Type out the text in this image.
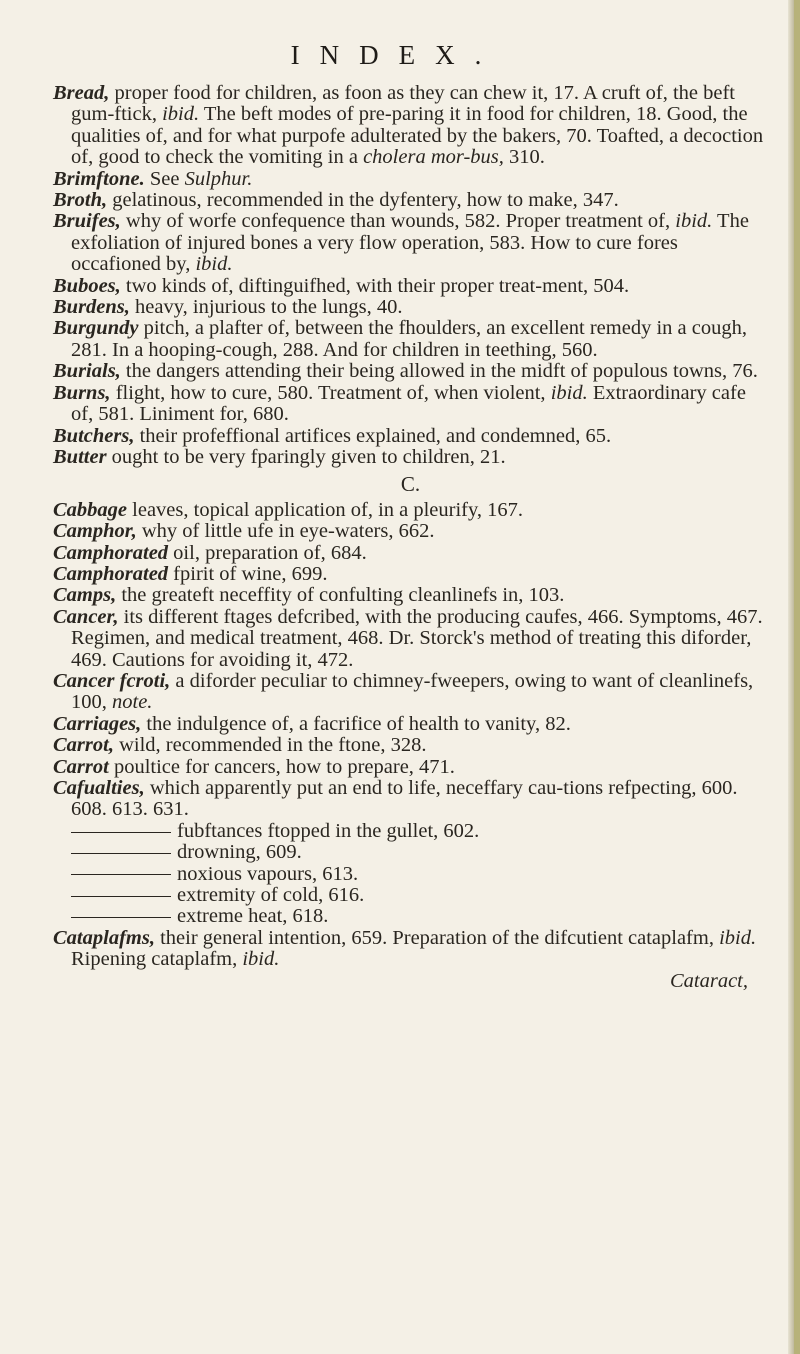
INDEX.

Bread, proper food for children, as foon as they can chew it, 17. A cruft of, the beft gum-ftick, ibid. The beft modes of pre-paring it in food for children, 18. Good, the qualities of, and for what purpofe adulterated by the bakers, 70. Toafted, a decoction of, good to check the vomiting in a cholera mor-bus, 310.

Brimftone. See Sulphur.

Broth, gelatinous, recommended in the dyfentery, how to make, 347.

Bruifes, why of worfe confequence than wounds, 582. Proper treatment of, ibid. The exfoliation of injured bones a very flow operation, 583. How to cure fores occafioned by, ibid.

Buboes, two kinds of, diftinguifhed, with their proper treat-ment, 504.

Burdens, heavy, injurious to the lungs, 40.

Burgundy pitch, a plafter of, between the fhoulders, an excellent remedy in a cough, 281. In a hooping-cough, 288. And for children in teething, 560.

Burials, the dangers attending their being allowed in the midft of populous towns, 76.

Burns, flight, how to cure, 580. Treatment of, when violent, ibid. Extraordinary cafe of, 581. Liniment for, 680.

Butchers, their profeffional artifices explained, and condemned, 65.

Butter ought to be very fparingly given to children, 21.

C.

Cabbage leaves, topical application of, in a pleurify, 167.

Camphor, why of little ufe in eye-waters, 662.

Camphorated oil, preparation of, 684.

Camphorated fpirit of wine, 699.

Camps, the greateft neceffity of confulting cleanlinefs in, 103.

Cancer, its different ftages defcribed, with the producing caufes, 466. Symptoms, 467. Regimen, and medical treatment, 468. Dr. Storck's method of treating this diforder, 469. Cautions for avoiding it, 472.

Cancer fcroti, a diforder peculiar to chimney-fweepers, owing to want of cleanlinefs, 100, note.

Carriages, the indulgence of, a facrifice of health to vanity, 82.

Carrot, wild, recommended in the ftone, 328.

Carrot poultice for cancers, how to prepare, 471.

Cafualties, which apparently put an end to life, neceffary cau-tions refpecting, 600. 608. 613. 631.

fubftances ftopped in the gullet, 602.

drowning, 609.

noxious vapours, 613.

extremity of cold, 616.

extreme heat, 618.

Cataplafms, their general intention, 659. Preparation of the difcutient cataplafm, ibid. Ripening cataplafm, ibid.

Cataract,
